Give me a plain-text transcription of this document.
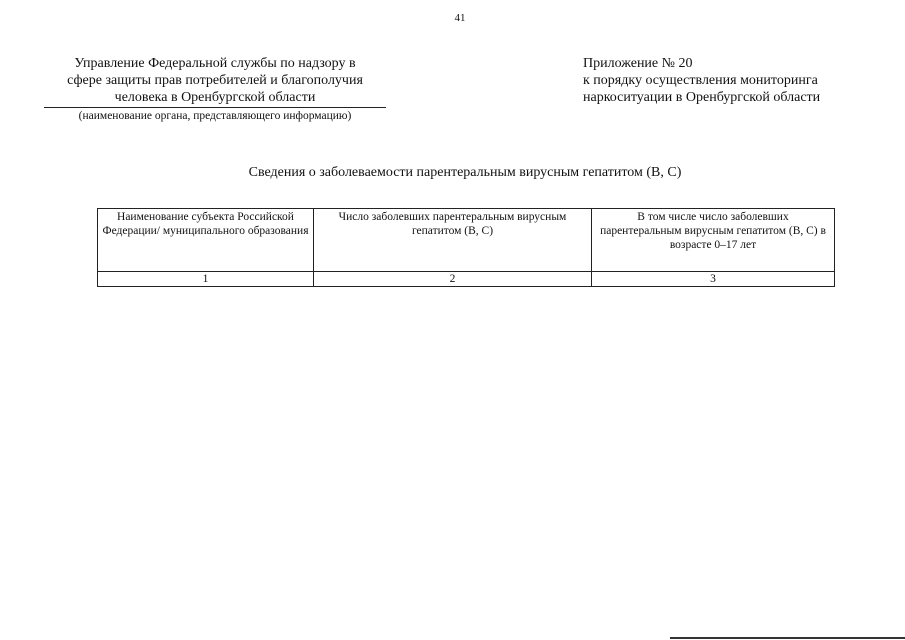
41
Управление Федеральной службы по надзору в
сфере защиты прав потребителей и благополучия
человека в Оренбургской области
(наименование органа, представляющего информацию)
Приложение № 20
к порядку осуществления мониторинга
наркоситуации в Оренбургской области
Сведения о заболеваемости парентеральным вирусным гепатитом (В, С)
Наименование субъекта Российской Федерации/ муниципального образования	Число заболевших парентеральным вирусным гепатитом (В, С)	В том числе число заболевших парентеральным вирусным гепатитом (В, С) в возрасте 0–17 лет
1	2	3
